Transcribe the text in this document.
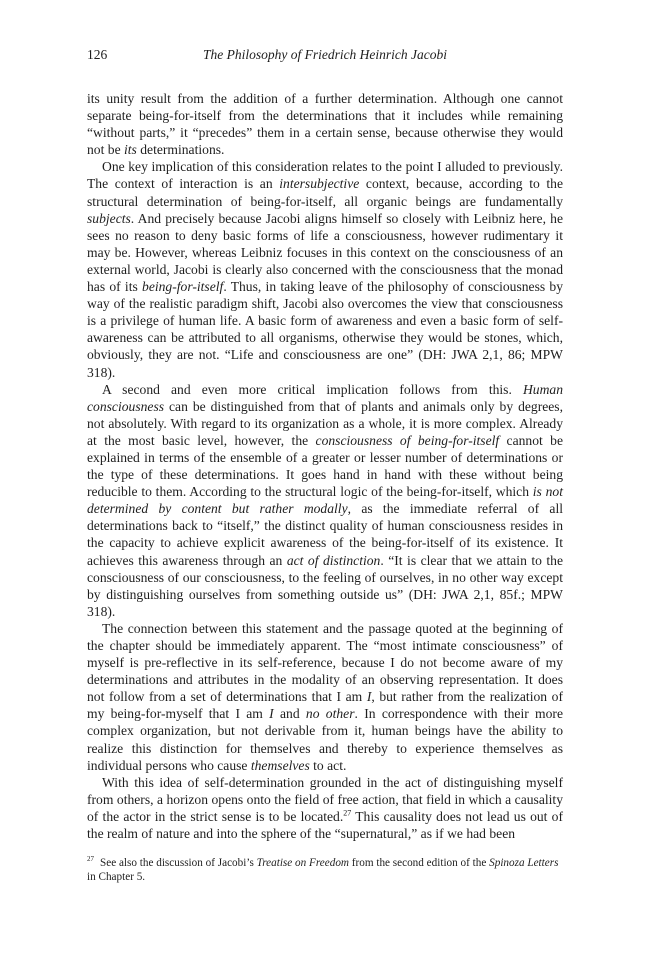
126	The Philosophy of Friedrich Heinrich Jacobi

its unity result from the addition of a further determination. Although one cannot separate being-for-itself from the determinations that it includes while remaining “without parts,” it “precedes” them in a certain sense, because otherwise they would not be its determinations.

One key implication of this consideration relates to the point I alluded to previously. The context of interaction is an intersubjective context, because, according to the structural determination of being-for-itself, all organic beings are fundamentally subjects. And precisely because Jacobi aligns himself so closely with Leibniz here, he sees no reason to deny basic forms of life a consciousness, however rudimentary it may be. However, whereas Leibniz focuses in this context on the consciousness of an external world, Jacobi is clearly also concerned with the consciousness that the monad has of its being-for-itself. Thus, in taking leave of the philosophy of consciousness by way of the realistic paradigm shift, Jacobi also overcomes the view that consciousness is a privilege of human life. A basic form of awareness and even a basic form of self-awareness can be attributed to all organisms, otherwise they would be stones, which, obviously, they are not. “Life and consciousness are one” (DH: JWA 2,1, 86; MPW 318).

A second and even more critical implication follows from this. Human consciousness can be distinguished from that of plants and animals only by degrees, not absolutely. With regard to its organization as a whole, it is more complex. Already at the most basic level, however, the consciousness of being-for-itself cannot be explained in terms of the ensemble of a greater or lesser number of determinations or the type of these determinations. It goes hand in hand with these without being reducible to them. According to the structural logic of the being-for-itself, which is not determined by content but rather modally, as the immediate referral of all determinations back to “itself,” the distinct quality of human consciousness resides in the capacity to achieve explicit awareness of the being-for-itself of its existence. It achieves this awareness through an act of distinction. “It is clear that we attain to the consciousness of our consciousness, to the feeling of ourselves, in no other way except by distinguishing ourselves from something outside us” (DH: JWA 2,1, 85f.; MPW 318).

The connection between this statement and the passage quoted at the beginning of the chapter should be immediately apparent. The “most intimate consciousness” of myself is pre-reflective in its self-reference, because I do not become aware of my determinations and attributes in the modality of an observing representation. It does not follow from a set of determinations that I am I, but rather from the realization of my being-for-myself that I am I and no other. In correspondence with their more complex organization, but not derivable from it, human beings have the ability to realize this distinction for themselves and thereby to experience themselves as individual persons who cause themselves to act.

With this idea of self-determination grounded in the act of distinguishing myself from others, a horizon opens onto the field of free action, that field in which a causality of the actor in the strict sense is to be located.$^{27}$ This causality does not lead us out of the realm of nature and into the sphere of the “supernatural,” as if we had been

$^{27}$ See also the discussion of Jacobi’s Treatise on Freedom from the second edition of the Spinoza Letters in Chapter 5.
